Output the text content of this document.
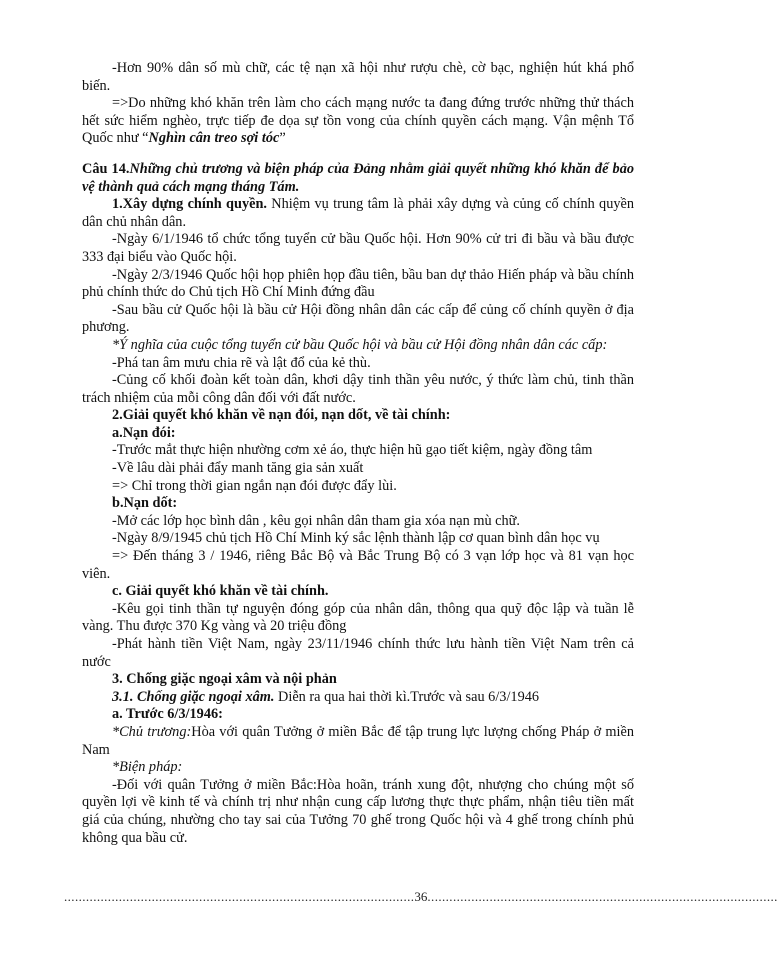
-Hơn 90% dân số mù chữ, các tệ nạn xã hội như rượu chè, cờ bạc, nghiện hút khá phổ biến.

=>Do những khó khăn trên làm cho cách mạng nước ta đang đứng trước những thử thách hết sức hiểm nghèo, trực tiếp đe dọa sự tồn vong của chính quyền cách mạng. Vận mệnh Tổ Quốc như “Nghìn cân treo sợi tóc”

Câu 14.Những chủ trương và biện pháp của Đảng nhằm giải quyết những khó khăn để bảo vệ thành quả cách mạng tháng Tám.

1.Xây dựng chính quyền. Nhiệm vụ trung tâm là phải xây dựng và củng cố chính quyền dân chủ nhân dân.

-Ngày 6/1/1946 tổ chức tổng tuyển cử bầu Quốc hội. Hơn 90% cử tri đi bầu và bầu được 333 đại biểu vào Quốc hội.

-Ngày 2/3/1946 Quốc hội họp phiên họp đầu tiên, bầu ban dự thảo Hiến pháp và bầu chính phủ chính thức do Chủ tịch Hồ Chí Minh đứng đầu

-Sau bầu cử Quốc hội là bầu cử Hội đồng nhân dân các cấp để củng cố chính quyền ở địa phương.

*Ý nghĩa của cuộc tổng tuyển cử bầu Quốc hội và bầu cử Hội đồng nhân dân các cấp:

-Phá tan âm mưu chia rẽ và lật đổ của kẻ thù.

-Củng cố khối đoàn kết toàn dân, khơi dậy tinh thần yêu nước, ý thức làm chủ, tinh thần trách nhiệm của mỗi công dân đối với đất nước.

2.Giải quyết khó khăn về nạn đói, nạn dốt, về tài chính:

a.Nạn đói:

-Trước mắt thực hiện nhường cơm xẻ áo, thực hiện hũ gạo tiết kiệm, ngày đồng tâm

-Về lâu dài phải đẩy manh tăng gia sản xuất

=> Chỉ trong thời gian ngắn nạn đói được đẩy lùi.

b.Nạn dốt:

-Mở các lớp học bình dân , kêu gọi nhân dân tham gia xóa nạn mù chữ.

-Ngày 8/9/1945 chủ tịch Hồ Chí Minh ký sắc lệnh thành lập cơ quan bình dân học vụ

=> Đến tháng 3 / 1946, riêng Bắc Bộ và Bắc Trung Bộ có 3 vạn lớp học và 81 vạn học viên.

c. Giải quyết khó khăn về tài chính.

-Kêu gọi tinh thần tự nguyện đóng góp của nhân dân, thông qua quỹ độc lập và tuần lễ vàng. Thu được 370 Kg vàng và 20 triệu đồng

-Phát hành tiền Việt Nam, ngày 23/11/1946 chính thức lưu hành tiền Việt Nam trên cả nước

3. Chống giặc ngoại xâm và nội phản

3.1. Chống giặc ngoại xâm. Diễn ra qua hai thời kì.Trước và sau 6/3/1946

a. Trước 6/3/1946:

*Chủ trương:Hòa với quân Tưởng ở miền Bắc để tập trung lực lượng chống Pháp ở miền Nam

*Biện pháp:

-Đối với quân Tưởng ở miền Bắc:Hòa hoãn, tránh xung đột, nhượng cho chúng một số quyền lợi về kinh tế và chính trị như nhận cung cấp lương thực thực phẩm, nhận tiêu tiền mất giá của chúng, nhường cho tay sai của Tưởng 70 ghế trong Quốc hội và 4 ghế trong chính phủ không qua bầu cử.

................................................................................................36................................................................................................
